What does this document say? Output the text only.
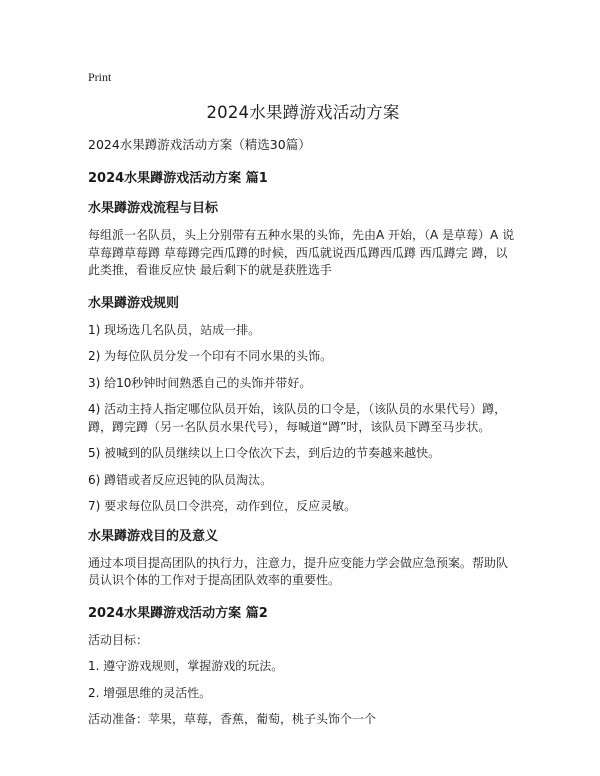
Print

2024水果蹲游戏活动方案

2024水果蹲游戏活动方案（精选30篇）

2024水果蹲游戏活动方案 篇1

水果蹲游戏流程与目标

每组派一名队员，头上分别带有五种水果的头饰，先由A 开始，（A 是草莓）A 说 草莓蹲草莓蹲 草莓蹲完西瓜蹲的时候，西瓜就说西瓜蹲西瓜蹲 西瓜蹲完 蹲，以此类推，看谁反应快 最后剩下的就是获胜选手

水果蹲游戏规则

1) 现场选几名队员，站成一排。

2) 为每位队员分发一个印有不同水果的头饰。

3) 给10秒钟时间熟悉自己的头饰并带好。

4) 活动主持人指定哪位队员开始，该队员的口令是，（该队员的水果代号）蹲，蹲，蹲完蹲（另一名队员水果代号），每喊道“蹲”时，该队员下蹲至马步状。

5) 被喊到的队员继续以上口令依次下去，到后边的节奏越来越快。

6) 蹲错或者反应迟钝的队员淘汰。

7) 要求每位队员口令洪亮，动作到位，反应灵敏。

水果蹲游戏目的及意义

通过本项目提高团队的执行力，注意力，提升应变能力学会做应急预案。帮助队员认识个体的工作对于提高团队效率的重要性。

2024水果蹲游戏活动方案 篇2

活动目标：

1. 遵守游戏规则，掌握游戏的玩法。

2. 增强思维的灵活性。

活动准备：苹果，草莓，香蕉，葡萄，桃子头饰个一个
